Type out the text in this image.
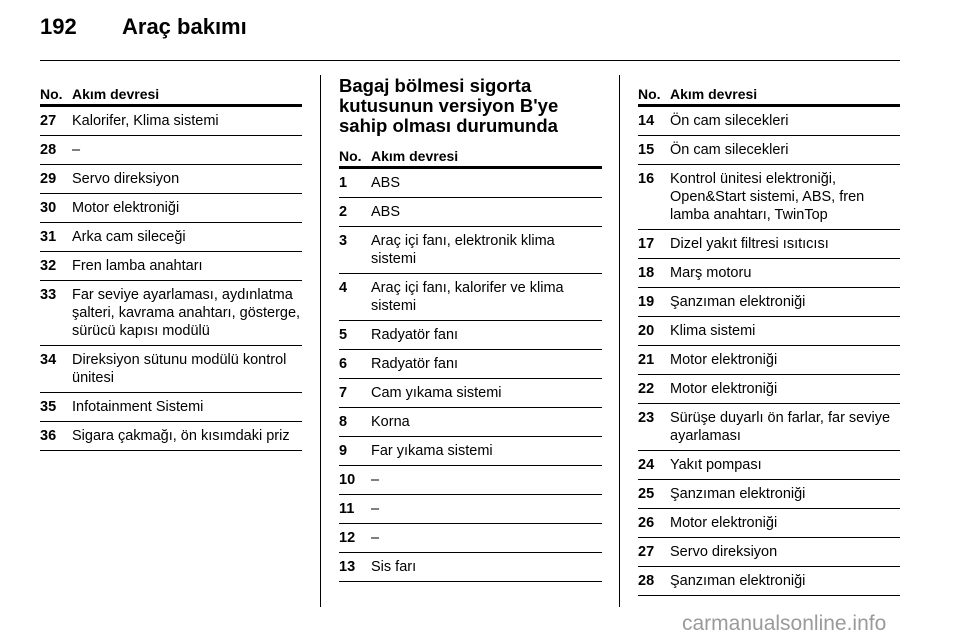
192 Araç bakımı
No. Akım devresi
27 Kalorifer, Klima sistemi
28 –
29 Servo direksiyon
30 Motor elektroniği
31 Arka cam sileceği
32 Fren lamba anahtarı
33 Far seviye ayarlaması, aydınlatma şalteri, kavrama anahtarı, gösterge, sürücü kapısı modülü
34 Direksiyon sütunu modülü kontrol ünitesi
35 Infotainment Sistemi
36 Sigara çakmağı, ön kısımdaki priz
Bagaj bölmesi sigorta kutusunun versiyon B'ye sahip olması durumunda
No. Akım devresi
1 ABS
2 ABS
3 Araç içi fanı, elektronik klima sistemi
4 Araç içi fanı, kalorifer ve klima sistemi
5 Radyatör fanı
6 Radyatör fanı
7 Cam yıkama sistemi
8 Korna
9 Far yıkama sistemi
10 –
11 –
12 –
13 Sis farı
No. Akım devresi
14 Ön cam silecekleri
15 Ön cam silecekleri
16 Kontrol ünitesi elektroniği, Open&Start sistemi, ABS, fren lamba anahtarı, TwinTop
17 Dizel yakıt filtresi ısıtıcısı
18 Marş motoru
19 Şanzıman elektroniği
20 Klima sistemi
21 Motor elektroniği
22 Motor elektroniği
23 Sürüşe duyarlı ön farlar, far seviye ayarlaması
24 Yakıt pompası
25 Şanzıman elektroniği
26 Motor elektroniği
27 Servo direksiyon
28 Şanzıman elektroniği
carmanualsonline.info
